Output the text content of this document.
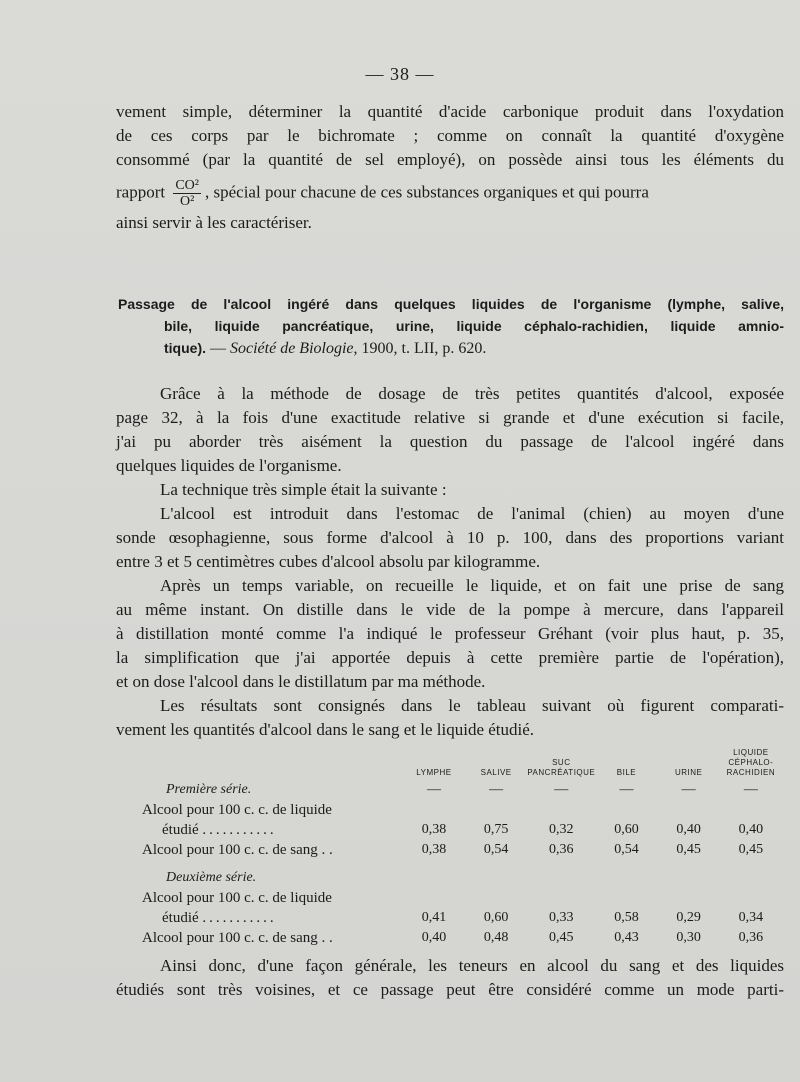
— 38 —

vement simple, déterminer la quantité d'acide carbonique produit dans l'oxydation
de ces corps par le bichromate ; comme on connaît la quantité d'oxygène
consommé (par la quantité de sel employé), on possède ainsi tous les éléments du

rapport $\frac{\text{CO²}}{\text{O²}}$ , spécial pour chacune de ces substances organiques et qui pourra

ainsi servir à les caractériser.

Passage de l'alcool ingéré dans quelques liquides de l'organisme (lymphe, salive,
bile, liquide pancréatique, urine, liquide céphalo-rachidien, liquide amnio-
tique). — Société de Biologie, 1900, t. LII, p. 620.

Grâce à la méthode de dosage de très petites quantités d'alcool, exposée
page 32, à la fois d'une exactitude relative si grande et d'une exécution si facile,
j'ai pu aborder très aisément la question du passage de l'alcool ingéré dans
quelques liquides de l'organisme.

La technique très simple était la suivante :

L'alcool est introduit dans l'estomac de l'animal (chien) au moyen d'une
sonde œsophagienne, sous forme d'alcool à 10 p. 100, dans des proportions variant
entre 3 et 5 centimètres cubes d'alcool absolu par kilogramme.

Après un temps variable, on recueille le liquide, et on fait une prise de sang
au même instant. On distille dans le vide de la pompe à mercure, dans l'appareil
à distillation monté comme l'a indiqué le professeur Gréhant (voir plus haut, p. 35,
la simplification que j'ai apportée depuis à cette première partie de l'opération),
et on dose l'alcool dans le distillatum par ma méthode.

Les résultats sont consignés dans le tableau suivant où figurent comparati-
vement les quantités d'alcool dans le sang et le liquide étudié.

	LYMPHE	SALIVE	SUC PANCRÉATIQUE	BILE	URINE	LIQUIDE CÉPHALO-RACHIDIEN
Première série.	—	—	—	—	—	—
Alcool pour 100 c. c. de liquide						
étudié ...........	0,38	0,75	0,32	0,60	0,40	0,40
Alcool pour 100 c. c. de sang . .	0,38	0,54	0,36	0,54	0,45	0,45

Deuxième série.						
Alcool pour 100 c. c. de liquide						
étudié ...........	0,41	0,60	0,33	0,58	0,29	0,34
Alcool pour 100 c. c. de sang . .	0,40	0,48	0,45	0,43	0,30	0,36

Ainsi donc, d'une façon générale, les teneurs en alcool du sang et des liquides
étudiés sont très voisines, et ce passage peut être considéré comme un mode parti-
